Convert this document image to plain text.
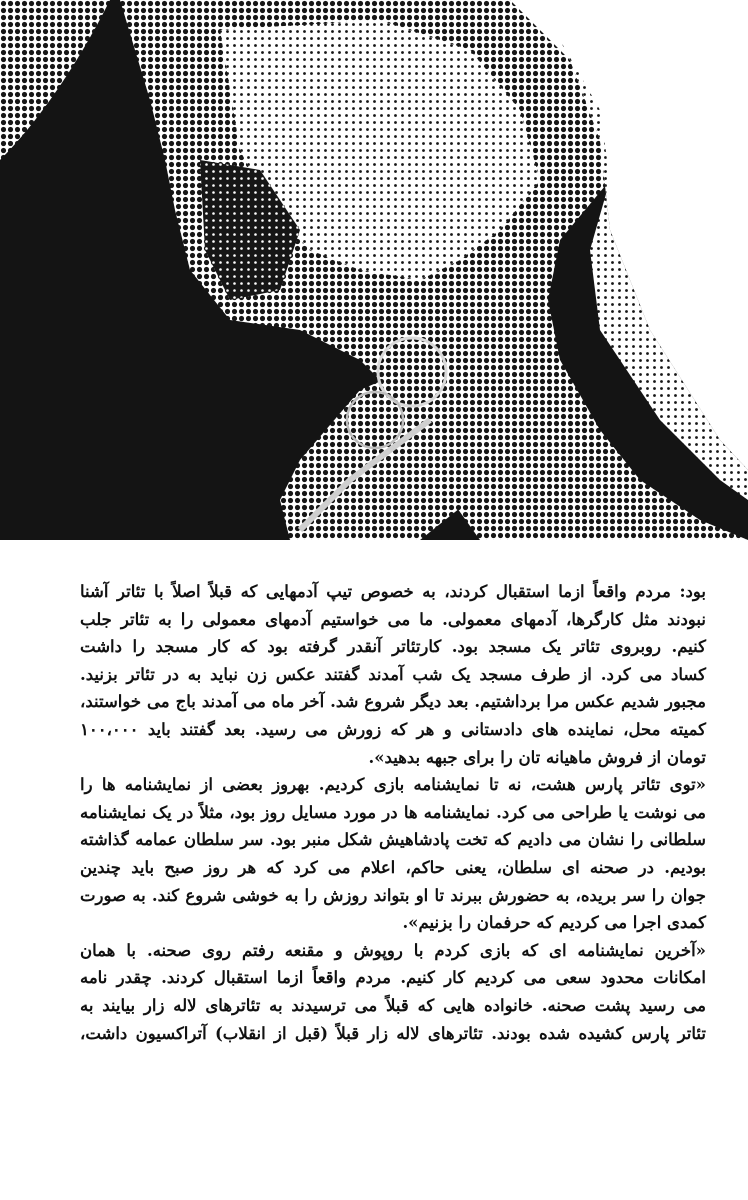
بود: مردم واقعاً ازما استقبال کردند، به خصوص تیپ آدمهایی که قبلاً اصلاً با تئاتر آشنا
نبودند مثل کارگرها، آدمهای معمولی. ما می خواستیم آدمهای معمولی را به تئاتر جلب
کنیم. روبروی تئاتر یک مسجد بود. کارتئاتر آنقدر گرفته بود که کار مسجد را داشت
کساد می کرد. از طرف مسجد یک شب آمدند گفتند عکس زن نباید به در تئاتر بزنید.
مجبور شدیم عکس مرا برداشتیم. بعد دیگر شروع شد. آخر ماه می آمدند باج می خواستند،
کمیته محل، نماینده های دادستانی و هر که زورش می رسید. بعد گفتند باید ۱۰۰،۰۰۰
تومان از فروش ماهیانه تان را برای جبهه بدهید».

«توی تئاتر پارس هشت، نه تا نمایشنامه بازی کردیم. بهروز بعضی از نمایشنامه ها را
می نوشت یا طراحی می کرد. نمایشنامه ها در مورد مسایل روز بود، مثلاً در یک نمایشنامه
سلطانی را نشان می دادیم که تخت پادشاهیش شکل منبر بود. سر سلطان عمامه گذاشته
بودیم. در صحنه ای سلطان، یعنی حاکم، اعلام می کرد که هر روز صبح باید چندین
جوان را سر بریده، به حضورش ببرند تا او بتواند روزش را به خوشی شروع کند. به صورت
کمدی اجرا می کردیم که حرفمان را بزنیم».

«آخرین نمایشنامه ای که بازی کردم با روپوش و مقنعه رفتم روی صحنه. با همان
امکانات محدود سعی می کردیم کار کنیم. مردم واقعاً ازما استقبال کردند. چقدر نامه
می رسید پشت صحنه. خانواده هایی که قبلاً می ترسیدند به تئاترهای لاله زار بیایند به
تئاتر پارس کشیده شده بودند. تئاترهای لاله زار قبلاً (قبل از انقلاب) آتراکسیون داشت،
